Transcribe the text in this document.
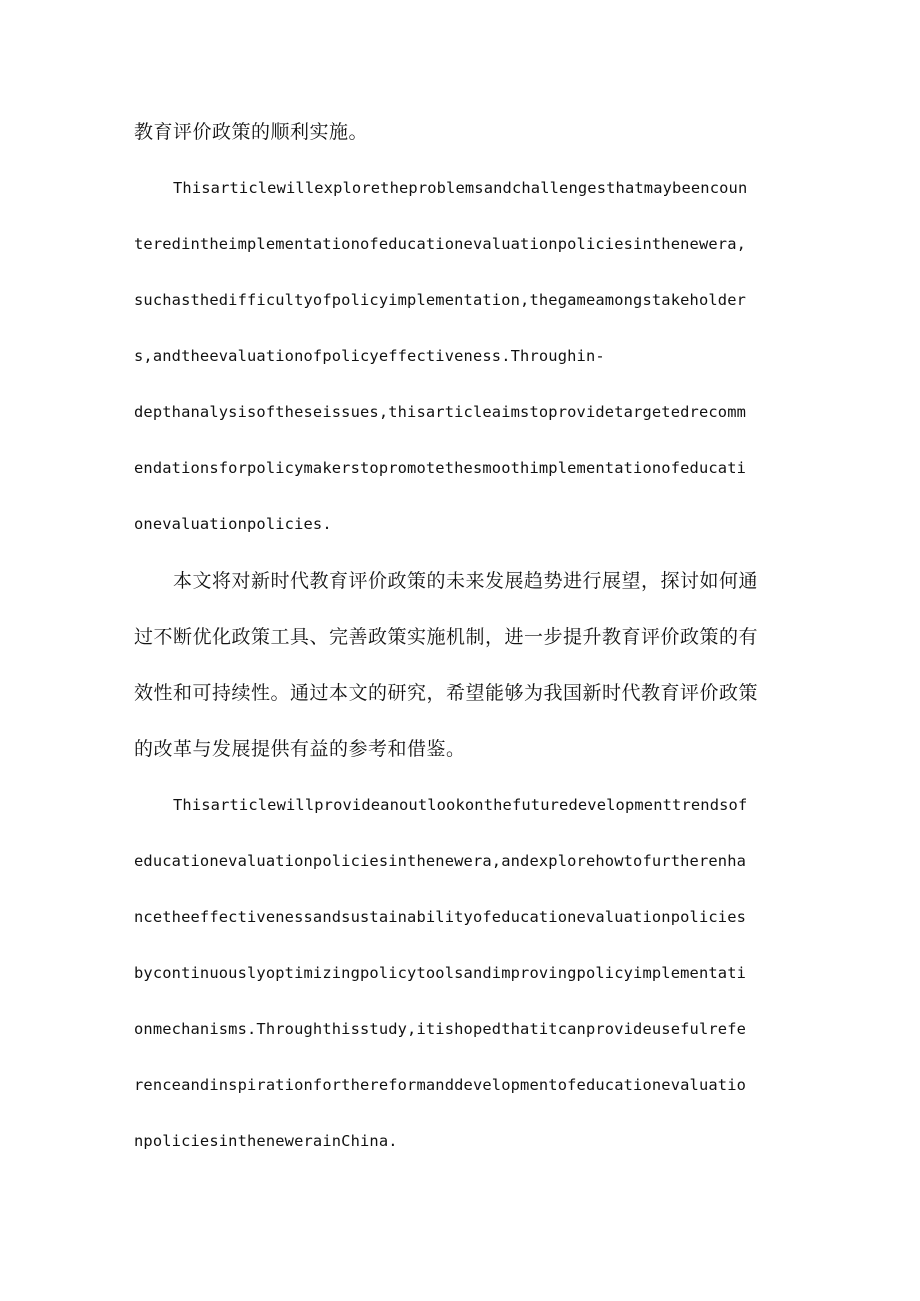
教育评价政策的顺利实施。
Thisarticlewillexploretheproblemsandchallengesthatmaybeencoun
teredintheimplementationofeducationevaluationpoliciesinthenewera,
suchasthedifficultyofpolicyimplementation,thegameamongstakeholder
s,andtheevaluationofpolicyeffectiveness.Throughin-
depthanalysisoftheseissues,thisarticleaimstoprovidetargetedrecomm
endationsforpolicymakerstopromotethesmoothimplementationofeducati
onevaluationpolicies.
本文将对新时代教育评价政策的未来发展趋势进行展望，探讨如何通
过不断优化政策工具、完善政策实施机制，进一步提升教育评价政策的有
效性和可持续性。通过本文的研究，希望能够为我国新时代教育评价政策
的改革与发展提供有益的参考和借鉴。
Thisarticlewillprovideanoutlookonthefuturedevelopmenttrendsof
educationevaluationpoliciesinthenewera,andexplorehowtofurtherenha
ncetheeffectivenessandsustainabilityofeducationevaluationpolicies
bycontinuouslyoptimizingpolicytoolsandimprovingpolicyimplementati
onmechanisms.Throughthisstudy,itishopedthatitcanprovideusefulrefe
renceandinspirationforthereformanddevelopmentofeducationevaluatio
npoliciesinthenewerainChina.
